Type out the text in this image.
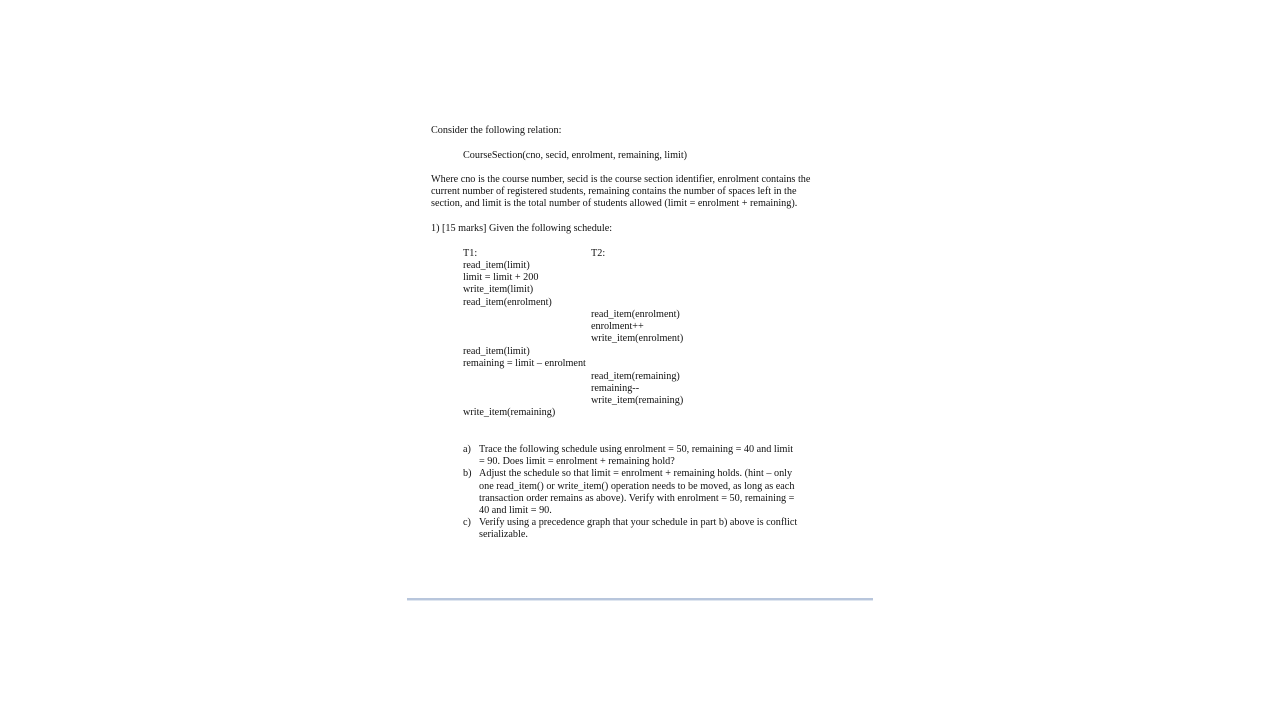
Consider the following relation:
CourseSection(cno, secid, enrolment, remaining, limit)
Where cno is the course number, secid is the course section identifier, enrolment contains the
current number of registered students, remaining contains the number of spaces left in the
section, and limit is the total number of students allowed (limit = enrolment + remaining).
1) [15 marks] Given the following schedule:
T1:	T2:
read_item(limit)
limit = limit + 200
write_item(limit)
read_item(enrolment)
read_item(enrolment)
enrolment++
write_item(enrolment)
read_item(limit)
remaining = limit – enrolment
read_item(remaining)
remaining--
write_item(remaining)
write_item(remaining)
a) Trace the following schedule using enrolment = 50, remaining = 40 and limit
= 90. Does limit = enrolment + remaining hold?
b) Adjust the schedule so that limit = enrolment + remaining holds. (hint – only
one read_item() or write_item() operation needs to be moved, as long as each
transaction order remains as above). Verify with enrolment = 50, remaining =
40 and limit = 90.
c) Verify using a precedence graph that your schedule in part b) above is conflict
serializable.
